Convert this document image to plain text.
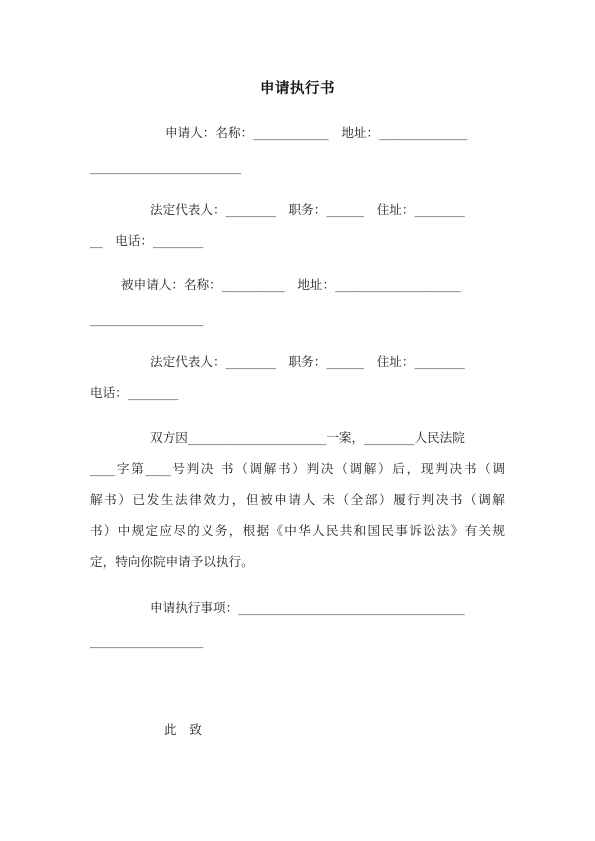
申请执行书
申请人：名称：____________　地址：______________
________________________
法定代表人：________　职务：______　住址：________
__　电话：________
被申请人：名称：__________　地址：____________________
__________________
法定代表人：________　职务：______　住址：________
电话：________
双方因______________________一案，________人民法院
____字第____号判决 书（调解书）判决（调解）后，现判决书（调
解书）已发生法律效力，但被申请人 未（全部）履行判决书（调解
书）中规定应尽的义务，根据《中华人民共和国民事诉讼法》有关规
定，特向你院申请予以执行。
申请执行事项：____________________________________
__________________
此　致
